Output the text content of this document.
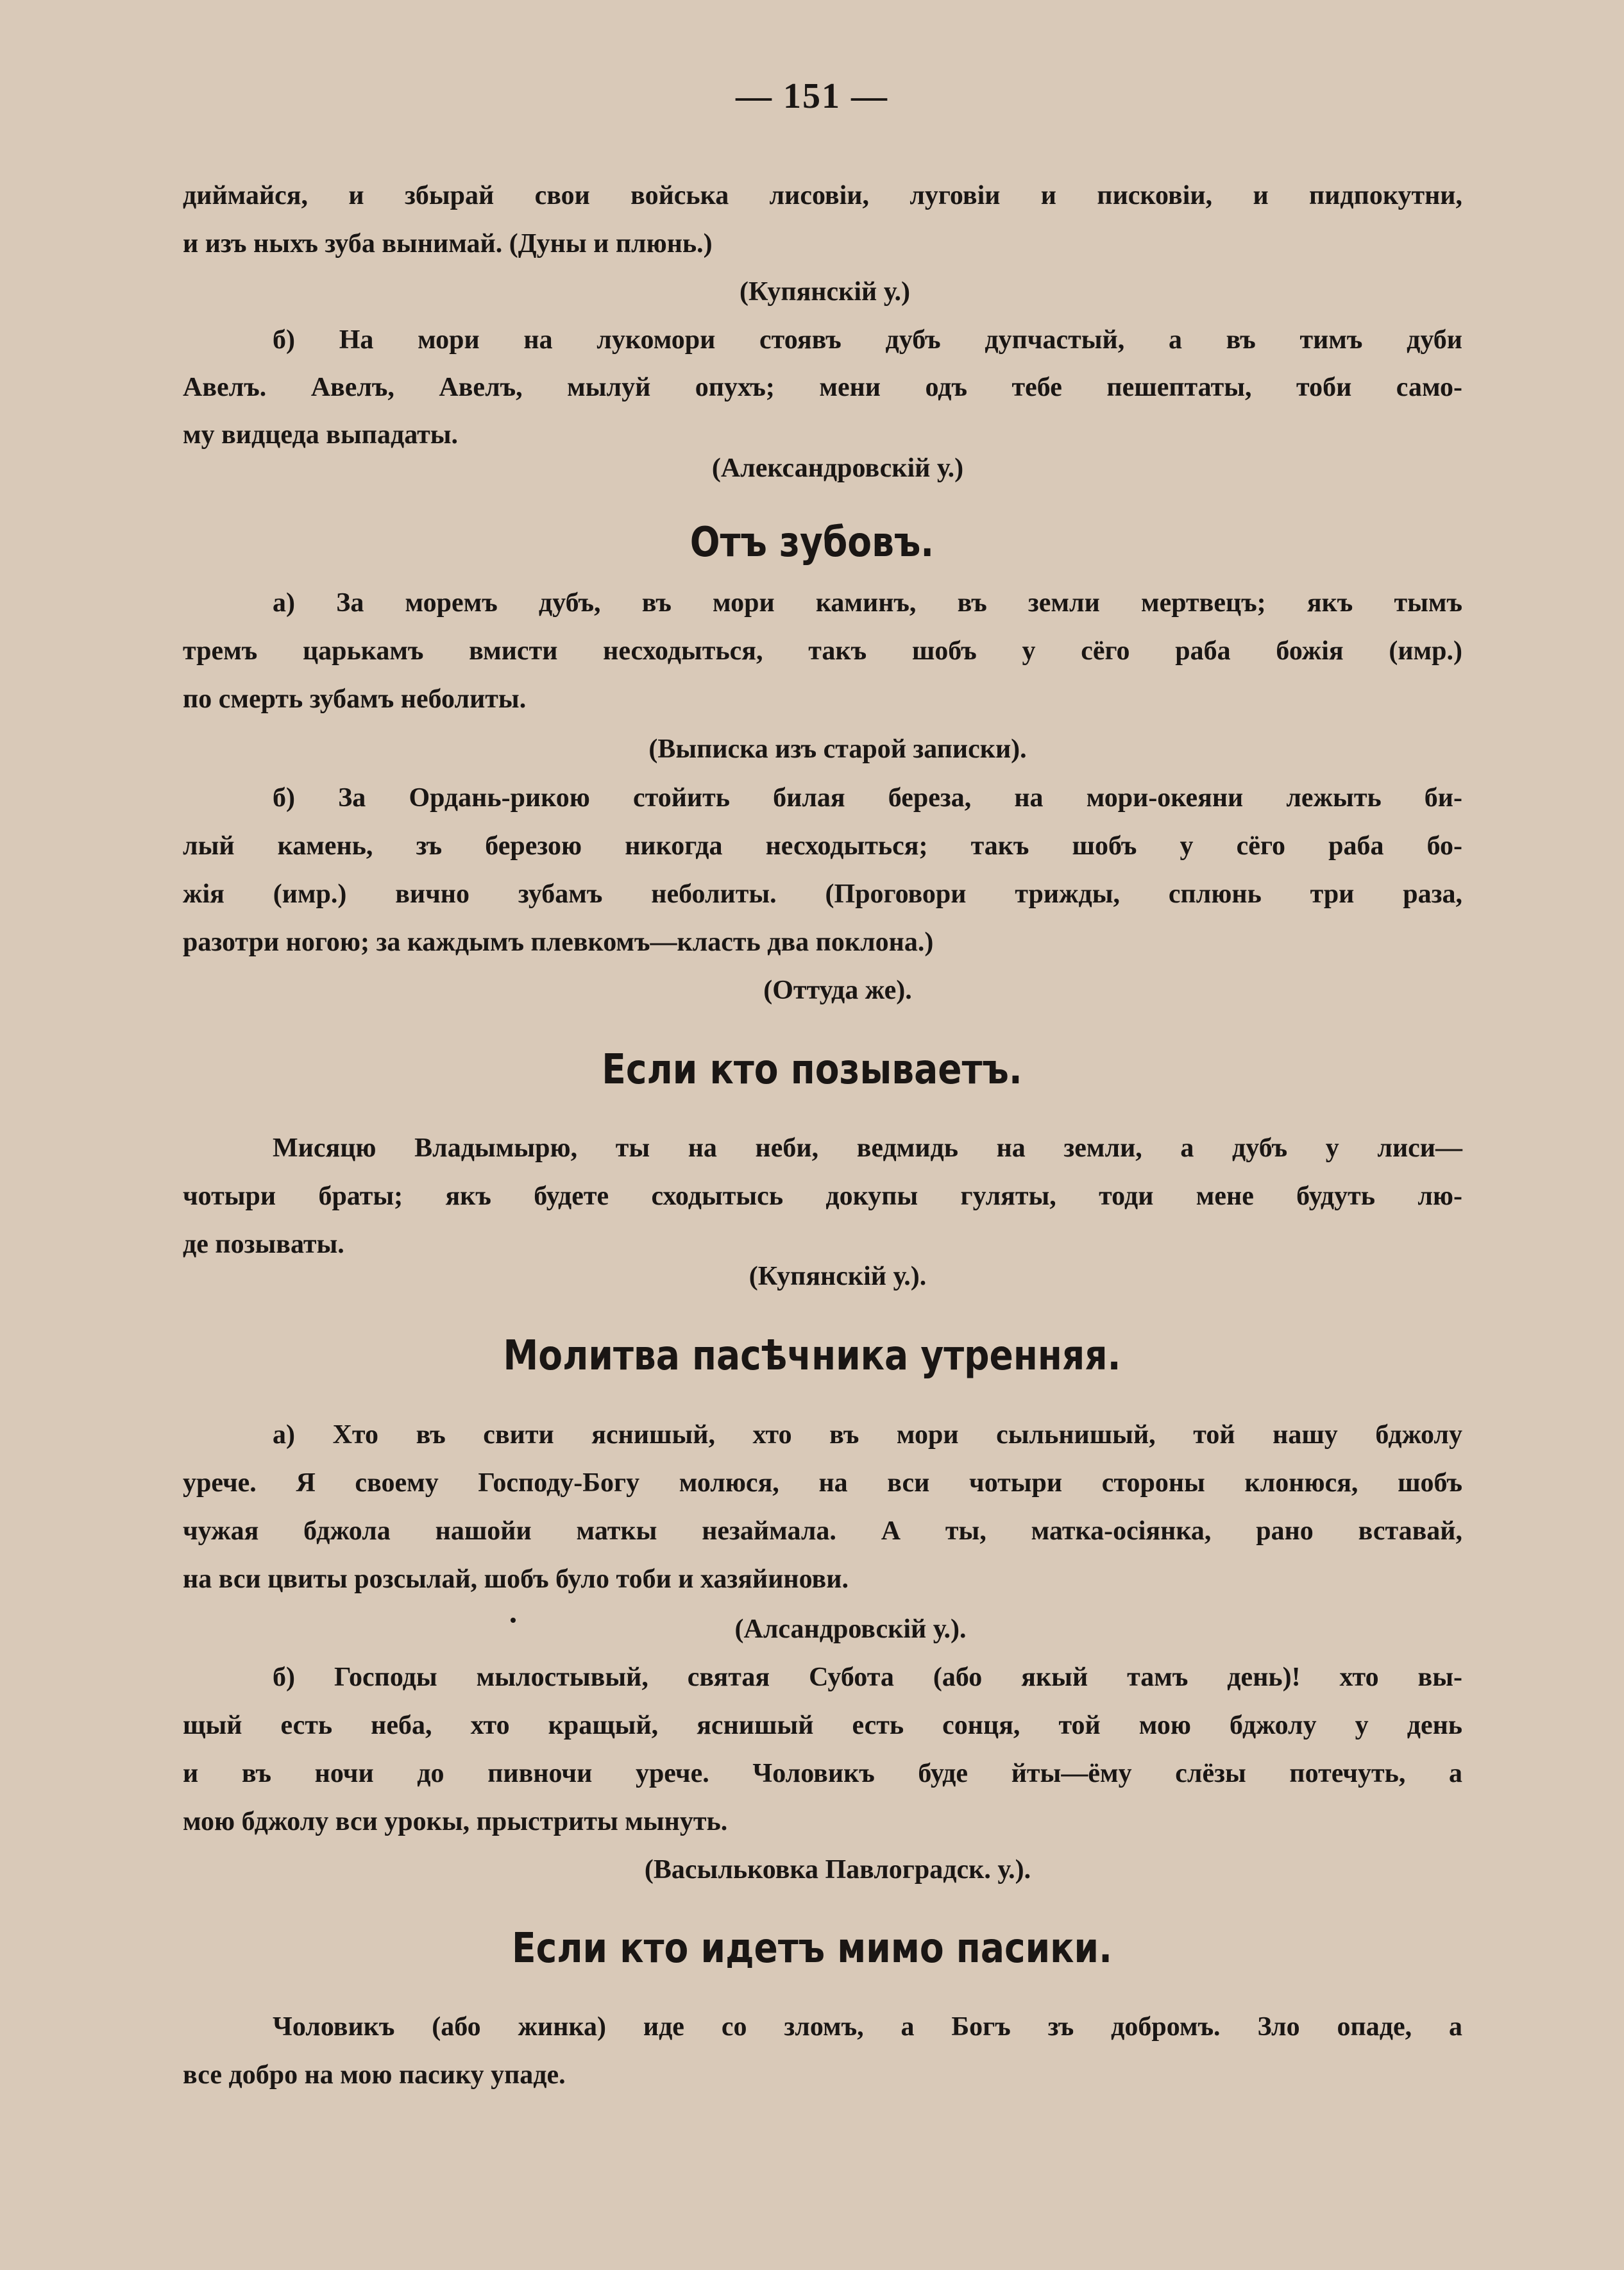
— 151 —
диймайся, и збырай свои войська лисовiи, луговiи и писковiи, и пидпокутни,
и изъ ныхъ зуба вынимай. (Дуны и плюнь.)
(Купянскій у.)
б) На мори на лукомори стоявъ дубъ дупчастый, а въ тимъ дуби
Авелъ. Авелъ, Авелъ, мылуй опухъ; мени одъ тебе пешептаты, тоби само-
му видцеда выпадаты.
(Александровскій у.)
Отъ зубовъ.
а) За моремъ дубъ, въ мори каминъ, въ земли мертвецъ; якъ тымъ
тремъ царькамъ вмисти несходытьcя, такъ шобъ у сёго раба божія (имр.)
по смерть зубамъ неболиты.
(Выписка изъ старой записки).
б) За Ордань-рикою стойить билая береза, на мори-океяни лежыть би-
лый камень, зъ березою никогда несходыться; такъ шобъ у сёго раба бо-
жія (имр.) вично зубамъ неболиты. (Проговори трижды, сплюнь три раза,
разотри ногою; за каждымъ плевкомъ—класть два поклона.)
(Оттуда же).
Если кто позываетъ.
Мисяцю Владымырю, ты на неби, ведмидь на земли, а дубъ у лиси—
чотыри браты; якъ будете сходытысь докупы гуляты, тоди мене будуть лю-
де позываты.
(Купянскій у.).
Молитва пасѣчника утренняя.
а) Хто въ свити яснишый, хто въ мори сыльнишый, той нашу бджолу
урече. Я своему Господу-Богу молюся, на вси чотыри стороны клонюся, шобъ
чужая бджола нашойи маткы незаймала. А ты, матка-осiянка, рано вставай,
на вси цвиты розсылай, шобъ було тоби и хазяйинови.
(Алсандровскій у.).
б) Господы мылостывый, святая Субота (або якый тамъ день)! хто вы-
щый есть неба, хто кращый, яснишый есть сонця, той мою бджолу у день
и въ ночи до пивночи урече. Чоловикъ буде йты—ёму слёзы потечуть, а
мою бджолу вси урокы, прыстриты мынуть.
(Васыльковка Павлоградск. у.).
Если кто идетъ мимо пасики.
Чоловикъ (або жинка) иде со зломъ, а Богъ зъ добромъ. Зло опаде, а
все добро на мою пасику упаде.
